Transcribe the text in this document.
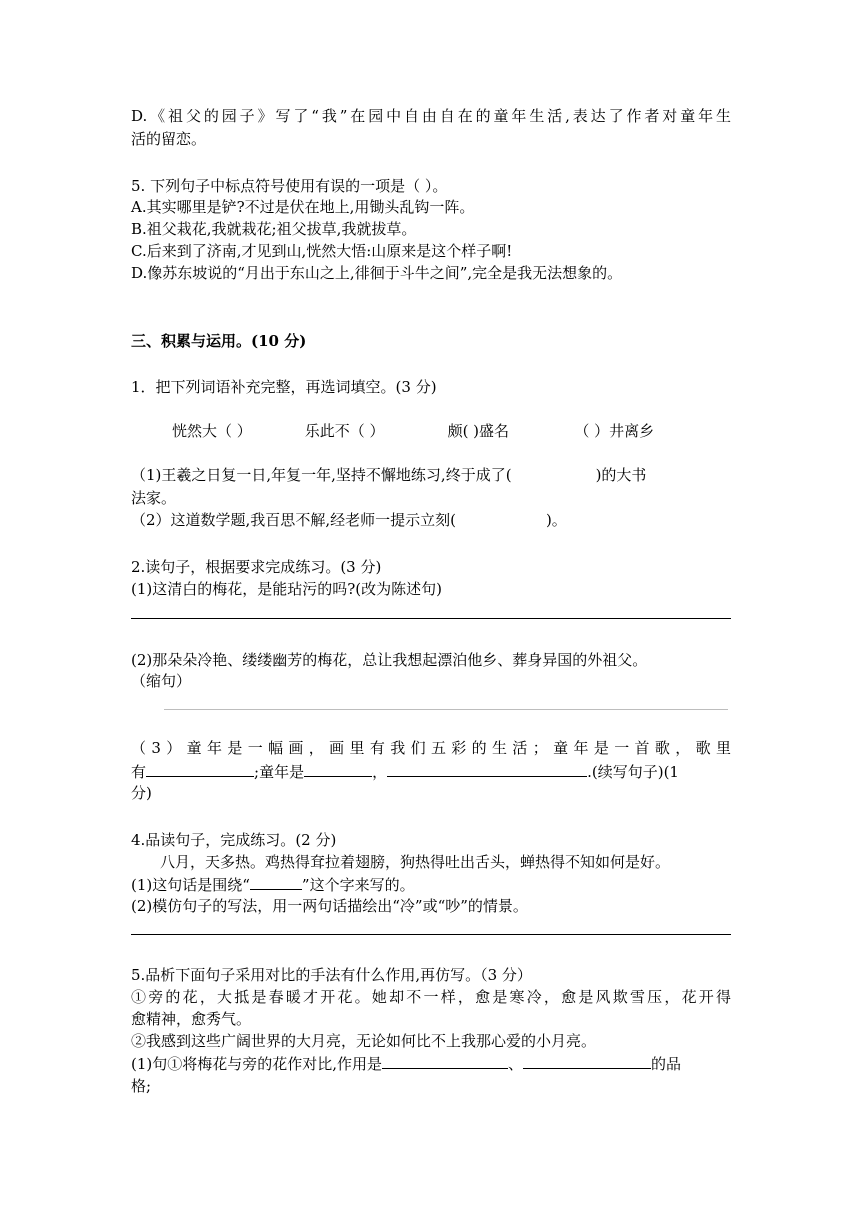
D.《祖父的园子》写了“我”在园中自由自在的童年生活,表达了作者对童年生
活的留恋。
5. 下列句子中标点符号使用有误的一项是（ ）。
A.其实哪里是铲?不过是伏在地上,用锄头乱钩一阵。
B.祖父栽花,我就栽花;祖父拔草,我就拔草。
C.后来到了济南,才见到山,恍然大悟:山原来是这个样子啊!
D.像苏东坡说的“月出于东山之上,徘徊于斗牛之间”,完全是我无法想象的。
三、积累与运用。(10 分)
1．把下列词语补充完整，再选词填空。(3 分)
恍然大（ ）	乐此不（ ）	颇( )盛名	（ ）井离乡
（1)王羲之日复一日,年复一年,坚持不懈地练习,终于成了(	)的大书
法家。
（2）这道数学题,我百思不解,经老师一提示立刻(	)。
2.读句子，根据要求完成练习。(3 分)
(1)这清白的梅花，是能玷污的吗?(改为陈述句)
(2)那朵朵冷艳、缕缕幽芳的梅花，总让我想起漂泊他乡、葬身异国的外祖父。
（缩句）
（3）童年是一幅画，画里有我们五彩的生活；童年是一首歌，歌里
有	;童年是	，	.(续写句子)(1
分)
4.品读句子，完成练习。(2 分)
八月，天多热。鸡热得耷拉着翅膀，狗热得吐出舌头，蝉热得不知如何是好。
(1)这句话是围绕“	”这个字来写的。
(2)模仿句子的写法，用一两句话描绘出“冷”或“吵”的情景。
5.品析下面句子采用对比的手法有什么作用,再仿写。（3 分）
①旁的花，大抵是春暖才开花。她却不一样，愈是寒冷，愈是风欺雪压，花开得
愈精神，愈秀气。
②我感到这些广阔世界的大月亮，无论如何比不上我那心爱的小月亮。
(1)句①将梅花与旁的花作对比,作用是	、	的品
格;
